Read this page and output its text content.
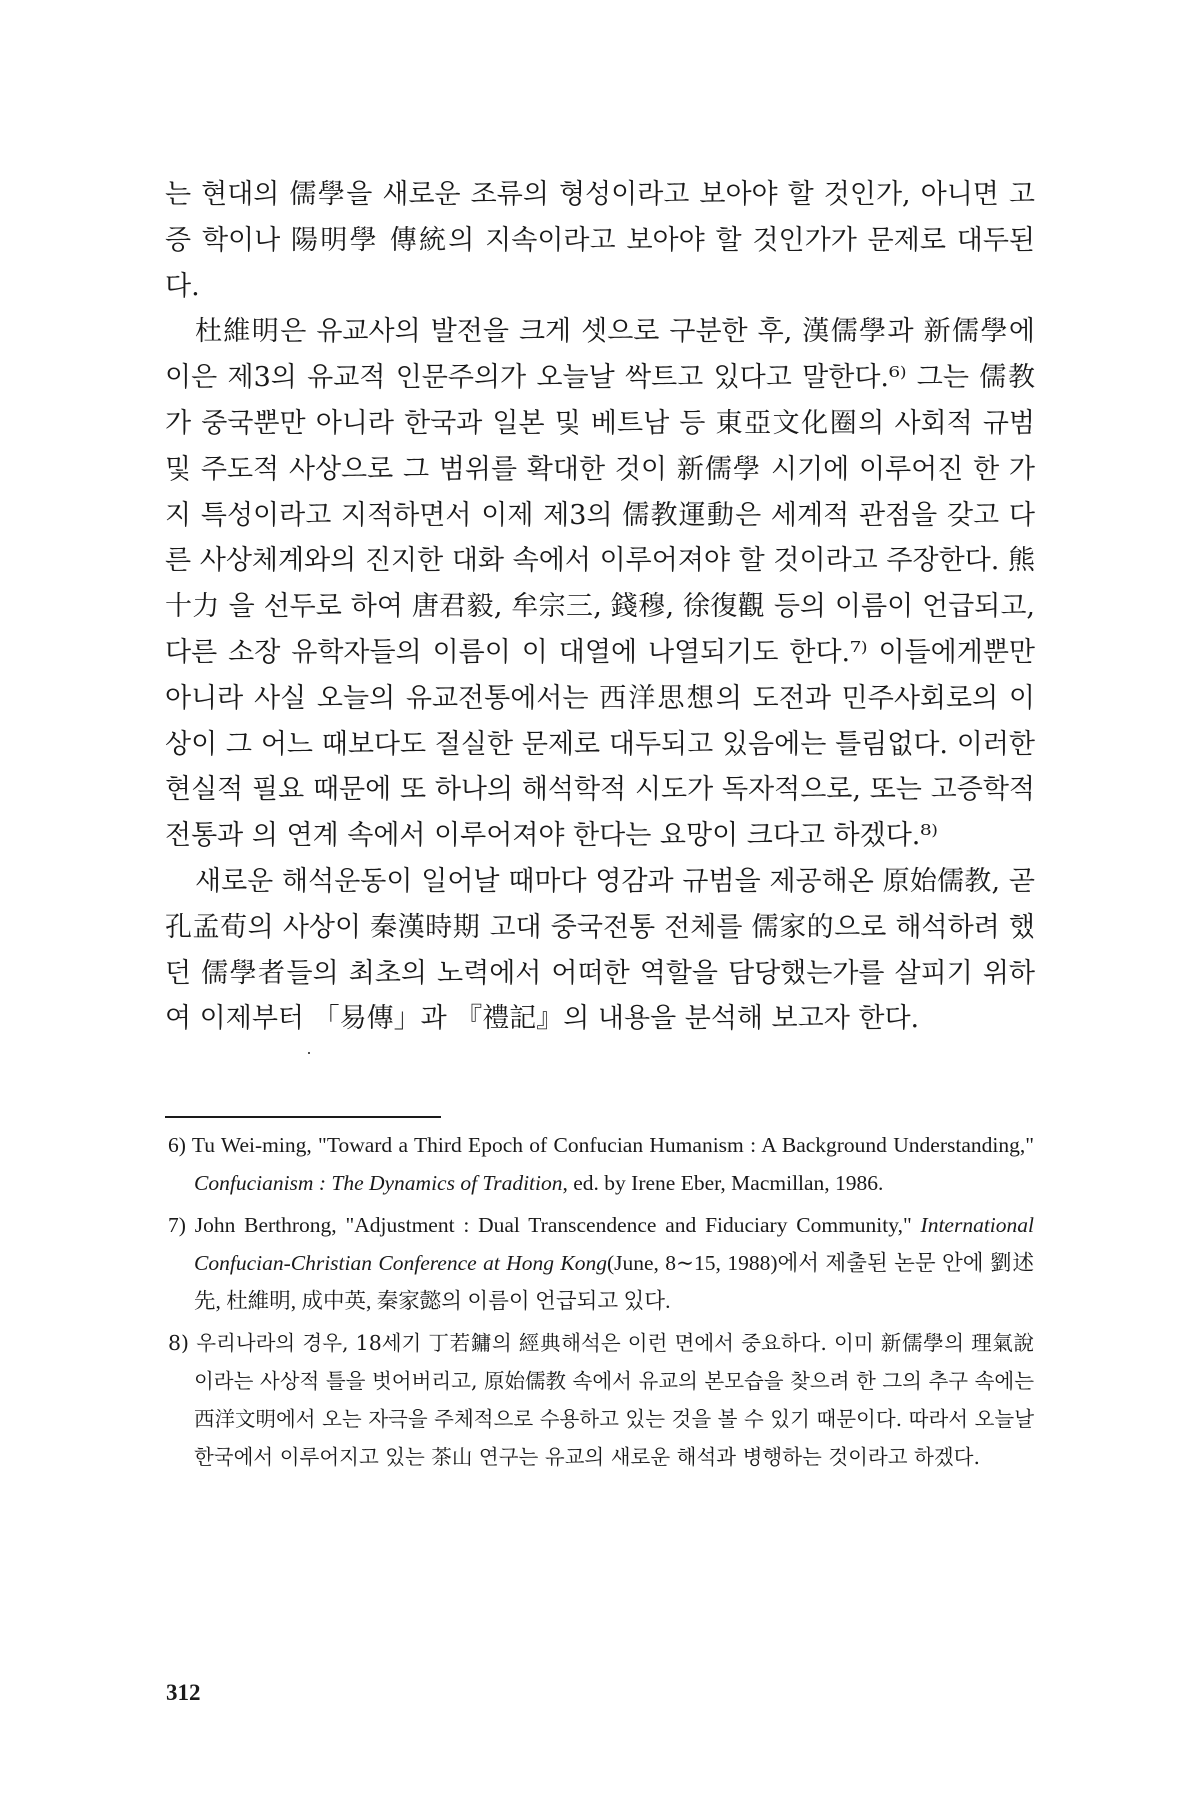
는 현대의 儒學을 새로운 조류의 형성이라고 보아야 할 것인가, 아니면 고증 학이나 陽明學 傳統의 지속이라고 보아야 할 것인가가 문제로 대두된다.

杜維明은 유교사의 발전을 크게 셋으로 구분한 후, 漢儒學과 新儒學에 이은 제3의 유교적 인문주의가 오늘날 싹트고 있다고 말한다.⁶⁾ 그는 儒教가 중국뿐만 아니라 한국과 일본 및 베트남 등 東亞文化圈의 사회적 규범 및 주도적 사상으로 그 범위를 확대한 것이 新儒學 시기에 이루어진 한 가지 특성이라고 지적하면서 이제 제3의 儒教運動은 세계적 관점을 갖고 다른 사상체계와의 진지한 대화 속에서 이루어져야 할 것이라고 주장한다. 熊十力 을 선두로 하여 唐君毅, 牟宗三, 錢穆, 徐復觀 등의 이름이 언급되고, 다른 소장 유학자들의 이름이 이 대열에 나열되기도 한다.⁷⁾ 이들에게뿐만 아니라 사실 오늘의 유교전통에서는 西洋思想의 도전과 민주사회로의 이상이 그 어느 때보다도 절실한 문제로 대두되고 있음에는 틀림없다. 이러한 현실적 필요 때문에 또 하나의 해석학적 시도가 독자적으로, 또는 고증학적 전통과 의 연계 속에서 이루어져야 한다는 요망이 크다고 하겠다.⁸⁾

새로운 해석운동이 일어날 때마다 영감과 규범을 제공해온 原始儒教, 곧 孔孟荀의 사상이 秦漢時期 고대 중국전통 전체를 儒家的으로 해석하려 했던 儒學者들의 최초의 노력에서 어떠한 역할을 담당했는가를 살피기 위하 여 이제부터 「易傳」과 『禮記』의 내용을 분석해 보고자 한다.

6) Tu Wei-ming, "Toward a Third Epoch of Confucian Humanism : A Background Understanding," Confucianism : The Dynamics of Tradition, ed. by Irene Eber, Macmillan, 1986.

7) John Berthrong, "Adjustment : Dual Transcendence and Fiduciary Community," International Confucian-Christian Conference at Hong Kong(June, 8∼15, 1988)에서 제출된 논문 안에 劉述先, 杜維明, 成中英, 秦家懿의 이름이 언급되고 있다.

8) 우리나라의 경우, 18세기 丁若鏞의 經典해석은 이런 면에서 중요하다. 이미 新儒學의 理氣說이라는 사상적 틀을 벗어버리고, 原始儒教 속에서 유교의 본모습을 찾으려 한 그의 추구 속에는 西洋文明에서 오는 자극을 주체적으로 수용하고 있는 것을 볼 수 있기 때문이다. 따라서 오늘날 한국에서 이루어지고 있는 茶山 연구는 유교의 새로운 해석과 병행하는 것이라고 하겠다.

312
